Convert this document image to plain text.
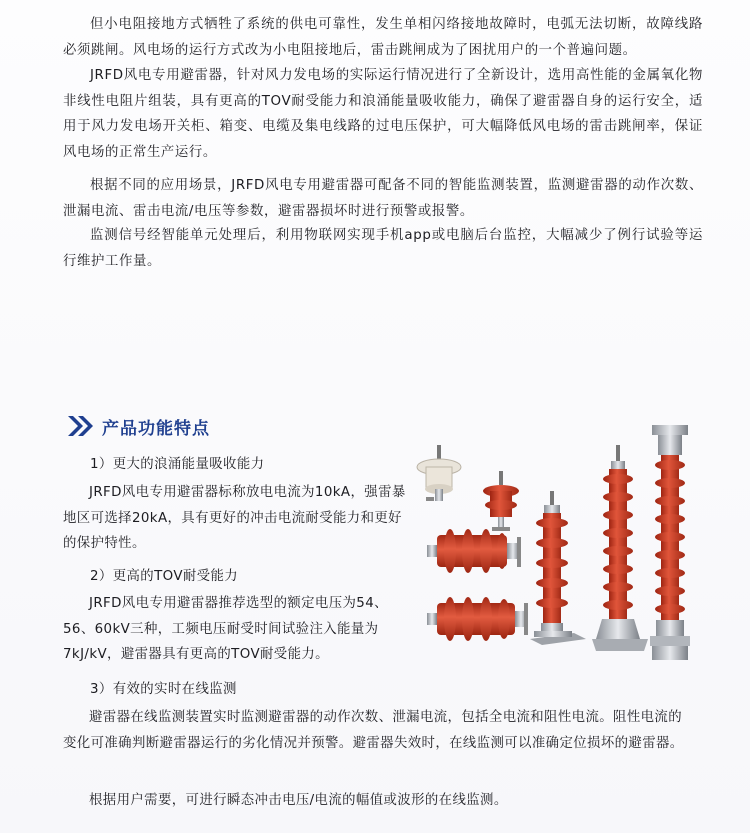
但小电阻接地方式牺牲了系统的供电可靠性，发生单相闪络接地故障时，电弧无法切断，故障线路必须跳闸。风电场的运行方式改为小电阻接地后，雷击跳闸成为了困扰用户的一个普遍问题。

JRFD风电专用避雷器，针对风力发电场的实际运行情况进行了全新设计，选用高性能的金属氧化物非线性电阻片组装，具有更高的TOV耐受能力和浪涌能量吸收能力，确保了避雷器自身的运行安全，适用于风力发电场开关柜、箱变、电缆及集电线路的过电压保护，可大幅降低风电场的雷击跳闸率，保证风电场的正常生产运行。

根据不同的应用场景，JRFD风电专用避雷器可配备不同的智能监测装置，监测避雷器的动作次数、泄漏电流、雷击电流/电压等参数，避雷器损坏时进行预警或报警。

监测信号经智能单元处理后，利用物联网实现手机app或电脑后台监控，大幅减少了例行试验等运行维护工作量。

产品功能特点

1）更大的浪涌能量吸收能力

JRFD风电专用避雷器标称放电电流为10kA，强雷暴地区可选择20kA，具有更好的冲击电流耐受能力和更好的保护特性。

2）更高的TOV耐受能力

JRFD风电专用避雷器推荐选型的额定电压为54、56、60kV三种，工频电压耐受时间试验注入能量为7kJ/kV，避雷器具有更高的TOV耐受能力。

3）有效的实时在线监测

避雷器在线监测装置实时监测避雷器的动作次数、泄漏电流，包括全电流和阻性电流。阻性电流的变化可准确判断避雷器运行的劣化情况并预警。避雷器失效时，在线监测可以准确定位损坏的避雷器。

根据用户需要，可进行瞬态冲击电压/电流的幅值或波形的在线监测。
